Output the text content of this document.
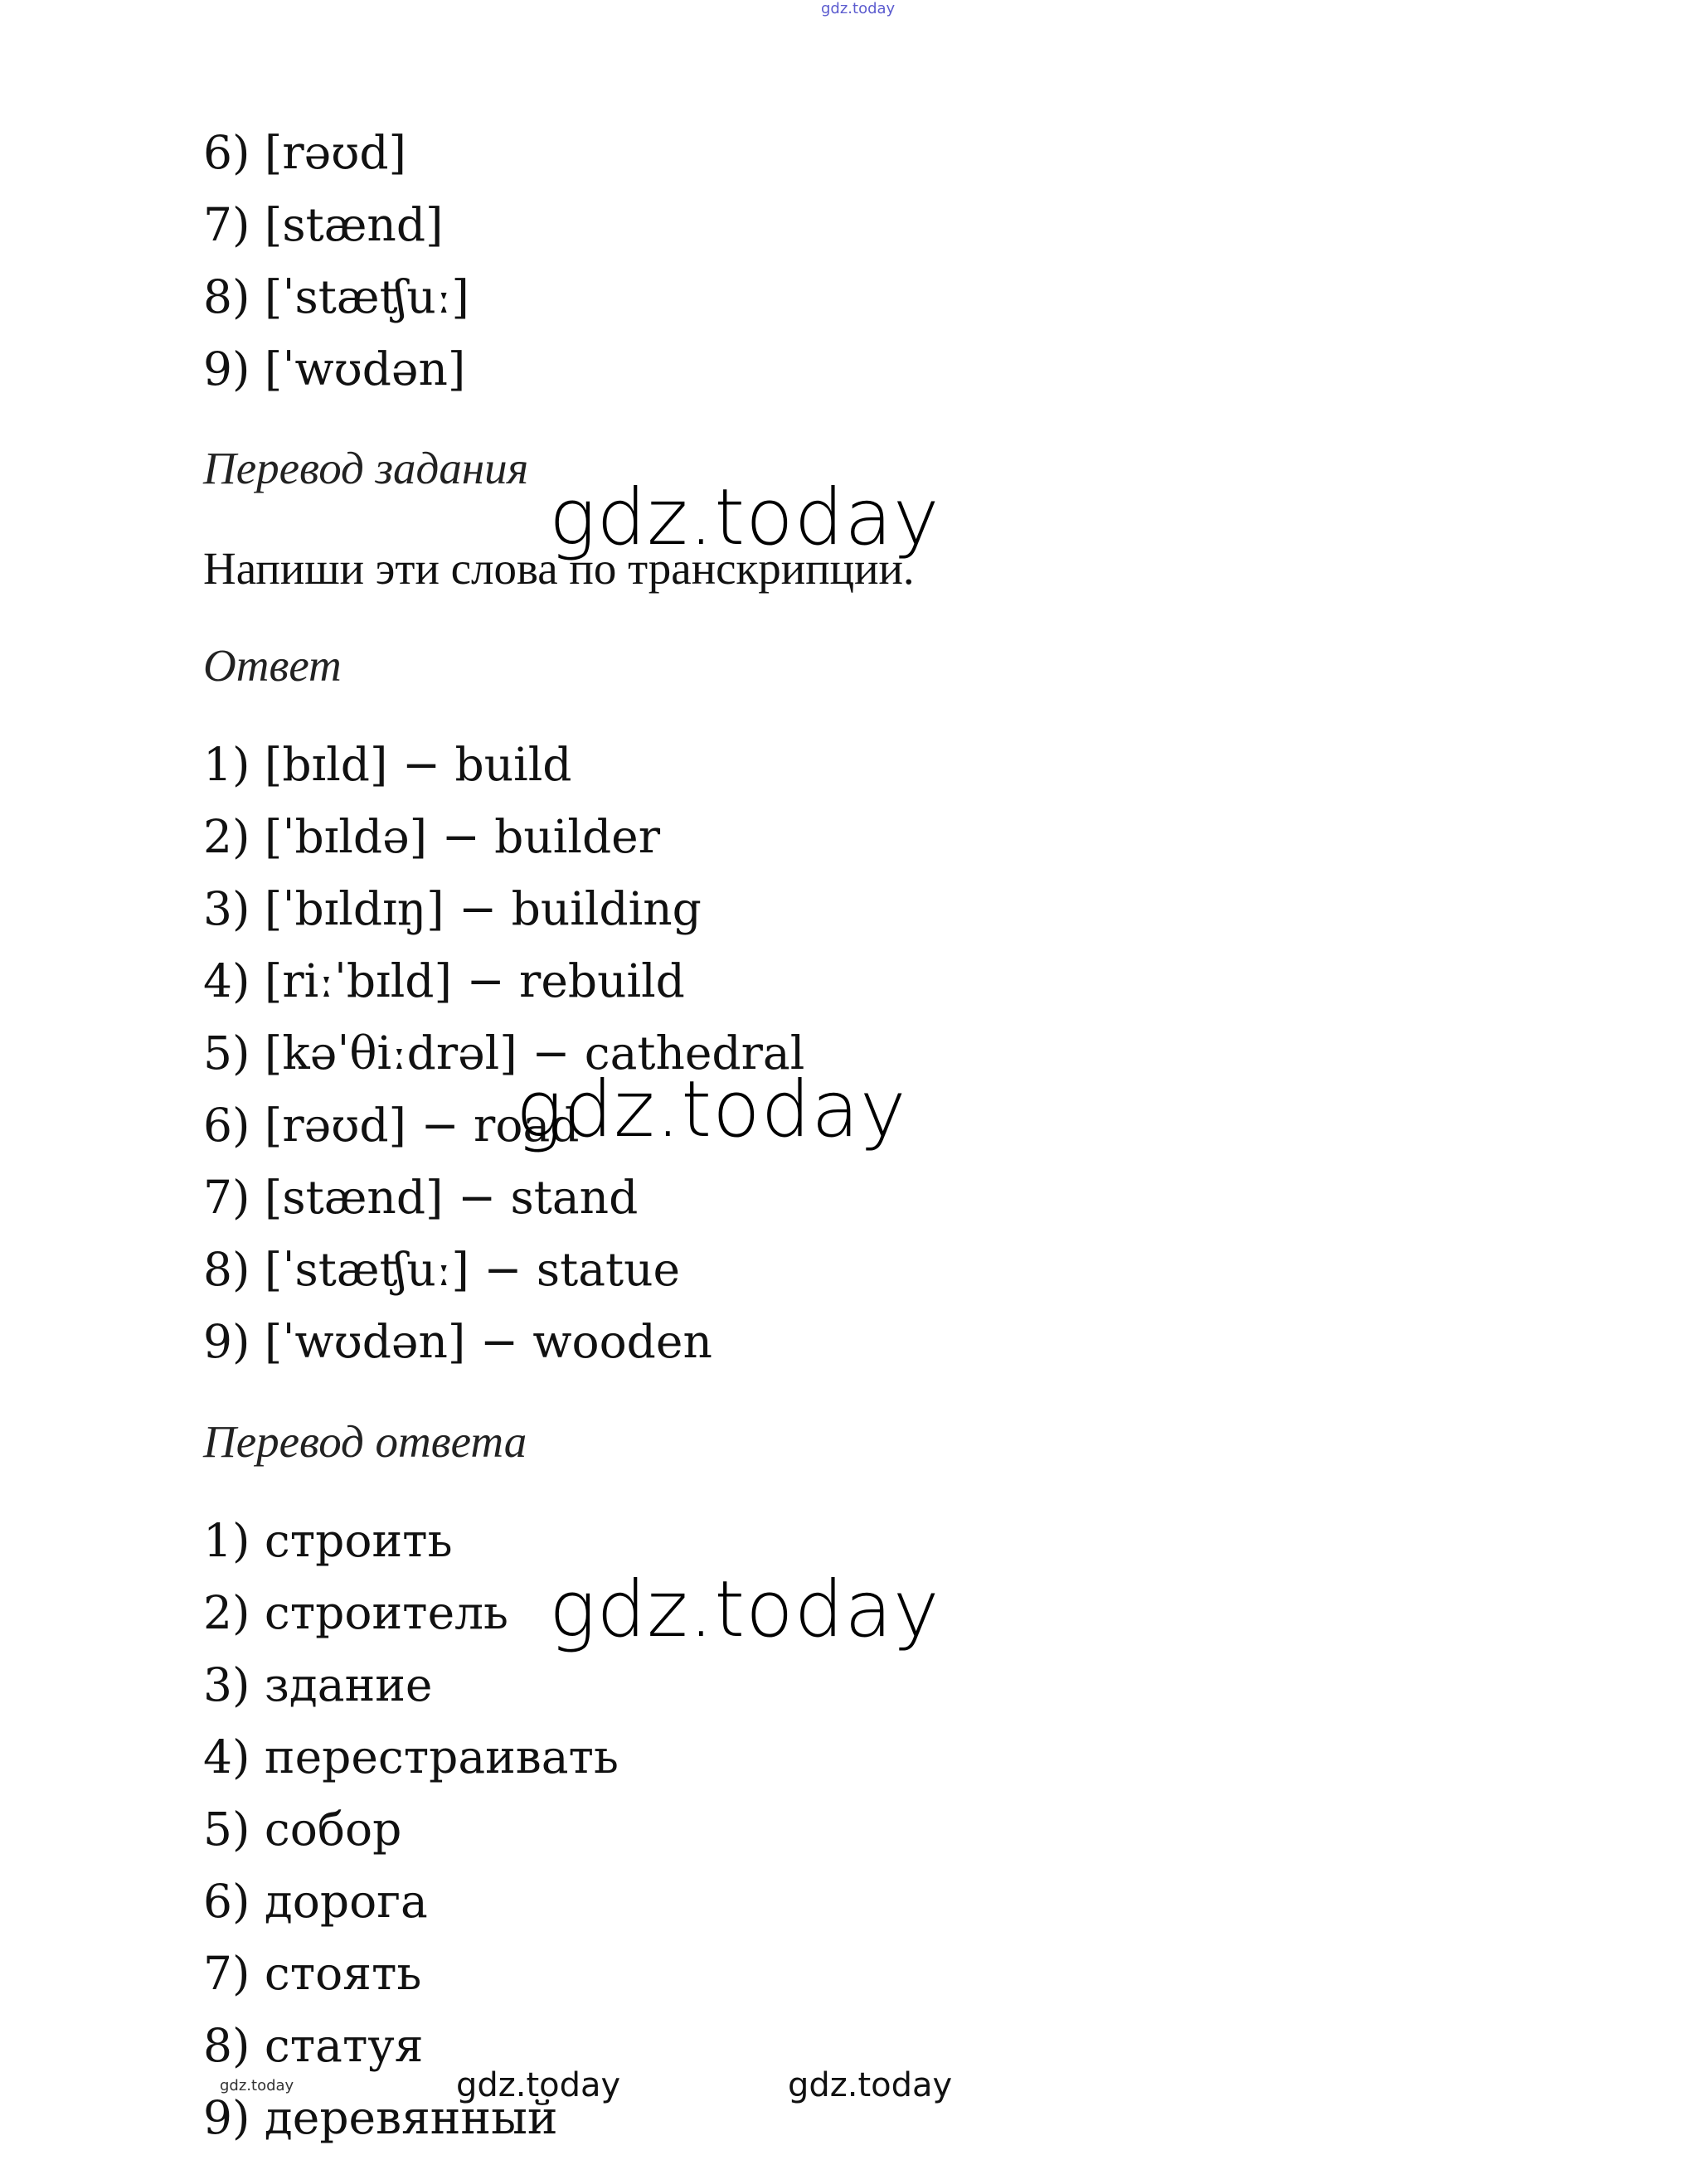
gdz.today
6) [rəʊd]
7) [stænd]
8) [ˈstæʧuː]
9) [ˈwʊdən]
Перевод задания
Напиши эти слова по транскрипции.
Ответ
1) [bɪld] − build
2) [ˈbɪldə] − builder
3) [ˈbɪldɪŋ] − building
4) [riːˈbɪld] − rebuild
5) [kəˈθiːdrəl] − cathedral
6) [rəʊd] − road
7) [stænd] − stand
8) [ˈstæʧuː] − statue
9) [ˈwʊdən] − wooden
Перевод ответа
1) строить
2) строитель
3) здание
4) перестраивать
5) собор
6) дорога
7) стоять
8) статуя
9) деревянный
gdz.today
gdz.today
gdz.today
gdz.today	gdz.today	gdz.today
